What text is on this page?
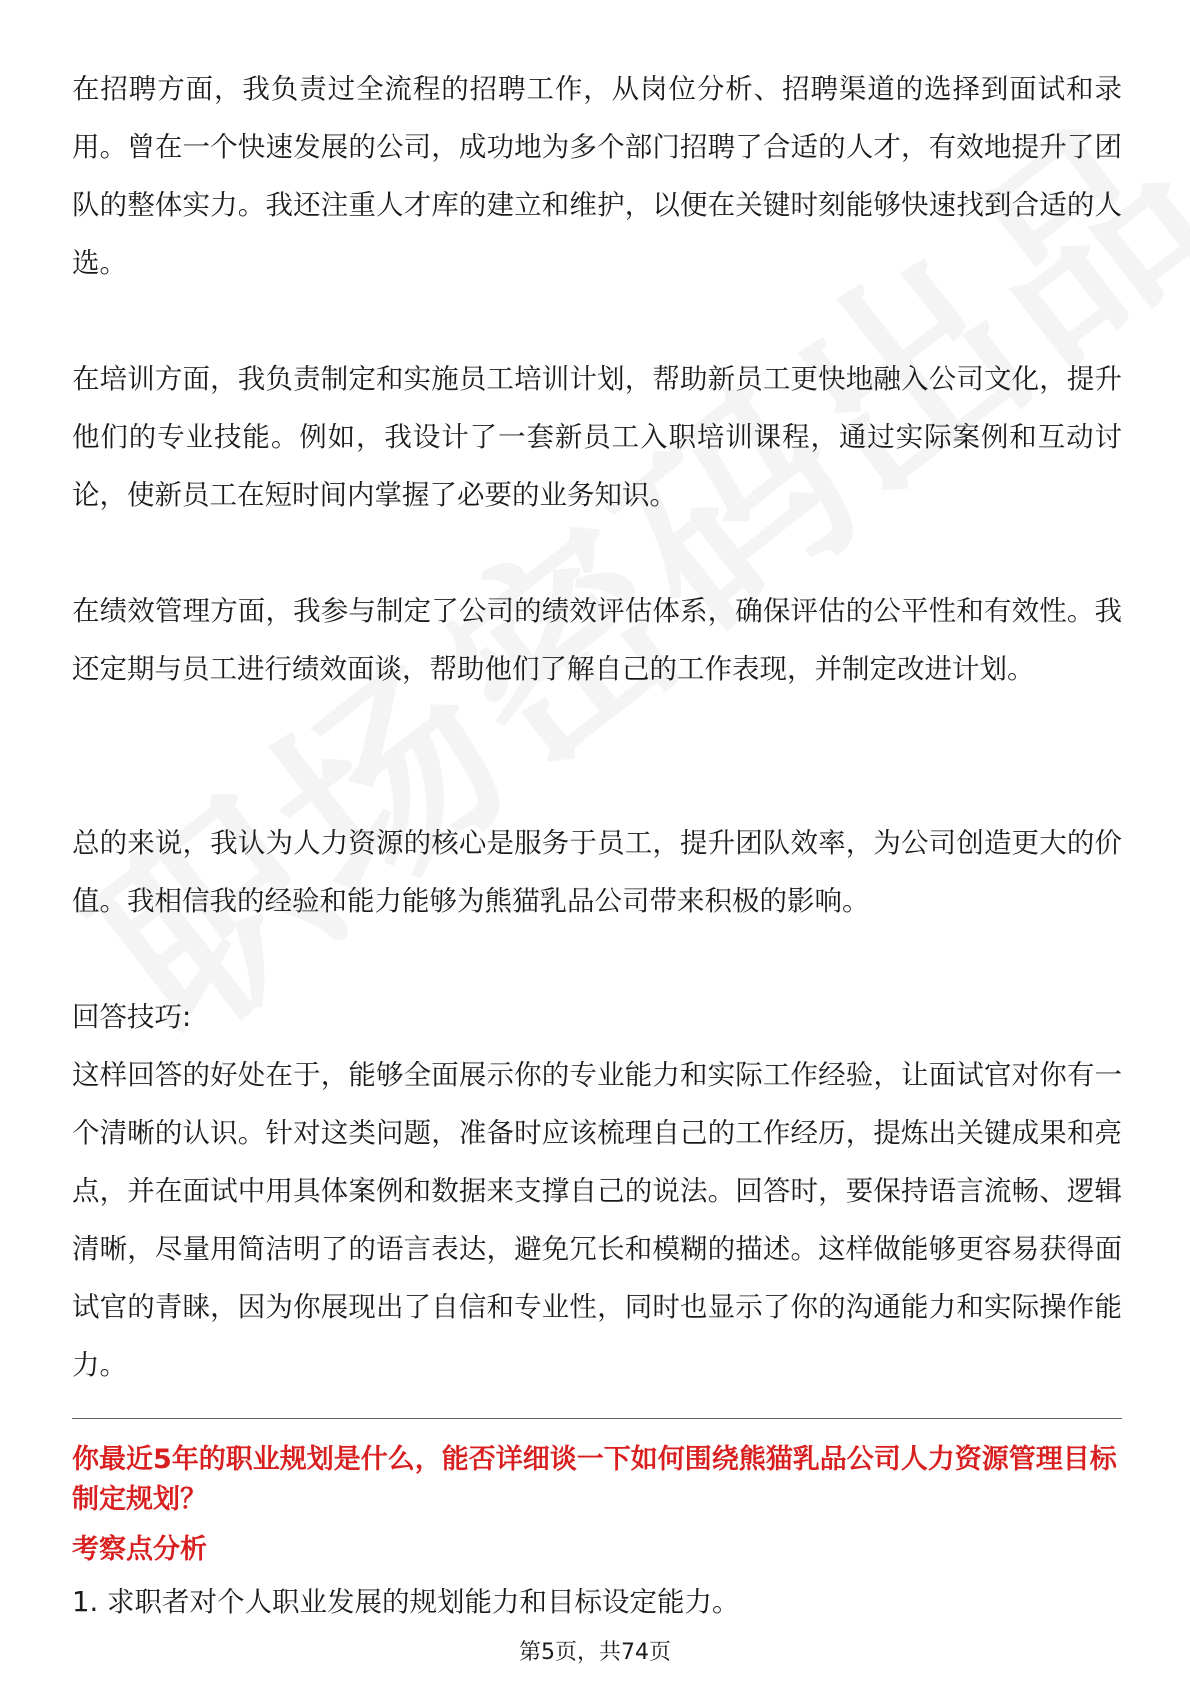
在招聘方面，我负责过全流程的招聘工作，从岗位分析、招聘渠道的选择到面试和录用。曾在一个快速发展的公司，成功地为多个部门招聘了合适的人才，有效地提升了团队的整体实力。我还注重人才库的建立和维护，以便在关键时刻能够快速找到合适的人选。

在培训方面，我负责制定和实施员工培训计划，帮助新员工更快地融入公司文化，提升他们的专业技能。例如，我设计了一套新员工入职培训课程，通过实际案例和互动讨论，使新员工在短时间内掌握了必要的业务知识。

在绩效管理方面，我参与制定了公司的绩效评估体系，确保评估的公平性和有效性。我还定期与员工进行绩效面谈，帮助他们了解自己的工作表现，并制定改进计划。

总的来说，我认为人力资源的核心是服务于员工，提升团队效率，为公司创造更大的价值。我相信我的经验和能力能够为熊猫乳品公司带来积极的影响。

回答技巧:

这样回答的好处在于，能够全面展示你的专业能力和实际工作经验，让面试官对你有一个清晰的认识。针对这类问题，准备时应该梳理自己的工作经历，提炼出关键成果和亮点，并在面试中用具体案例和数据来支撑自己的说法。回答时，要保持语言流畅、逻辑清晰，尽量用简洁明了的语言表达，避免冗长和模糊的描述。这样做能够更容易获得面试官的青睐，因为你展现出了自信和专业性，同时也显示了你的沟通能力和实际操作能力。

你最近5年的职业规划是什么，能否详细谈一下如何围绕熊猫乳品公司人力资源管理目标制定规划？

考察点分析

1. 求职者对个人职业发展的规划能力和目标设定能力。

第5页，共74页
